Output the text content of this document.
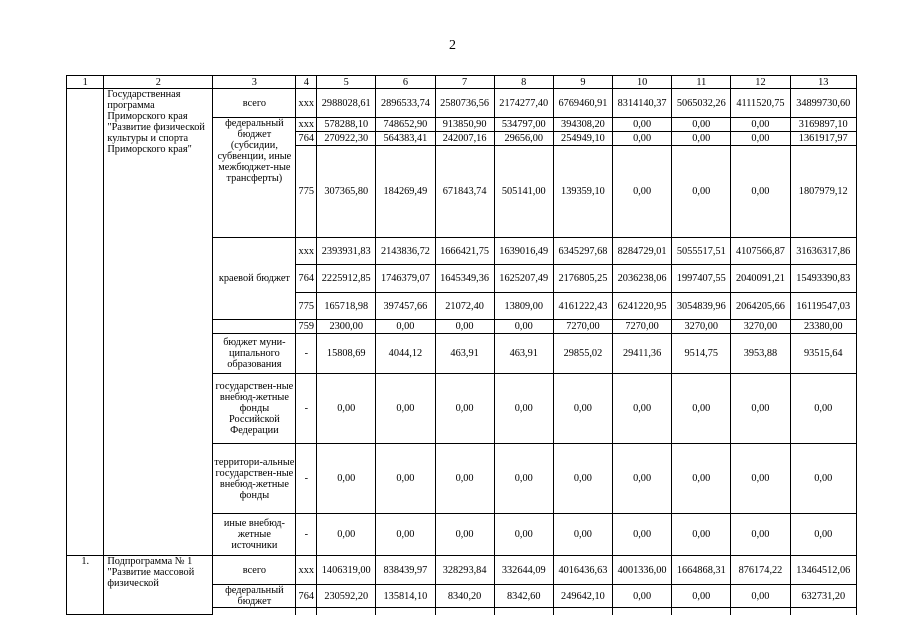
2
1	2	3	4	5	6	7	8	9	10	11	12	13
	Государственная программа Приморского края "Развитие физической культуры и спорта Приморского края"	всего	xxx	2988028,61	2896533,74	2580736,56	2174277,40	6769460,91	8314140,37	5065032,26	4111520,75	34899730,60
		федеральный бюджет (субсидии, субвенции, иные межбюджет-ные трансферты)	xxx	578288,10	748652,90	913850,90	534797,00	394308,20	0,00	0,00	0,00	3169897,10
			764	270922,30	564383,41	242007,16	29656,00	254949,10	0,00	0,00	0,00	1361917,97
			775	307365,80	184269,49	671843,74	505141,00	139359,10	0,00	0,00	0,00	1807979,12
		краевой бюджет	xxx	2393931,83	2143836,72	1666421,75	1639016,49	6345297,68	8284729,01	5055517,51	4107566,87	31636317,86
			764	2225912,85	1746379,07	1645349,36	1625207,49	2176805,25	2036238,06	1997407,55	2040091,21	15493390,83
			775	165718,98	397457,66	21072,40	13809,00	4161222,43	6241220,95	3054839,96	2064205,66	16119547,03
			759	2300,00	0,00	0,00	0,00	7270,00	7270,00	3270,00	3270,00	23380,00
		бюджет муни-ципального образования	-	15808,69	4044,12	463,91	463,91	29855,02	29411,36	9514,75	3953,88	93515,64
		государствен-ные внебюд-жетные фонды Российской Федерации	-	0,00	0,00	0,00	0,00	0,00	0,00	0,00	0,00	0,00
		территори-альные государствен-ные внебюд-жетные фонды	-	0,00	0,00	0,00	0,00	0,00	0,00	0,00	0,00	0,00
		иные внебюд-жетные источники	-	0,00	0,00	0,00	0,00	0,00	0,00	0,00	0,00	0,00
1.	Подпрограмма № 1 "Развитие массовой физической	всего	xxx	1406319,00	838439,97	328293,84	332644,09	4016436,63	4001336,00	1664868,31	876174,22	13464512,06
		федеральный бюджет	764	230592,20	135814,10	8340,20	8342,60	249642,10	0,00	0,00	0,00	632731,20
